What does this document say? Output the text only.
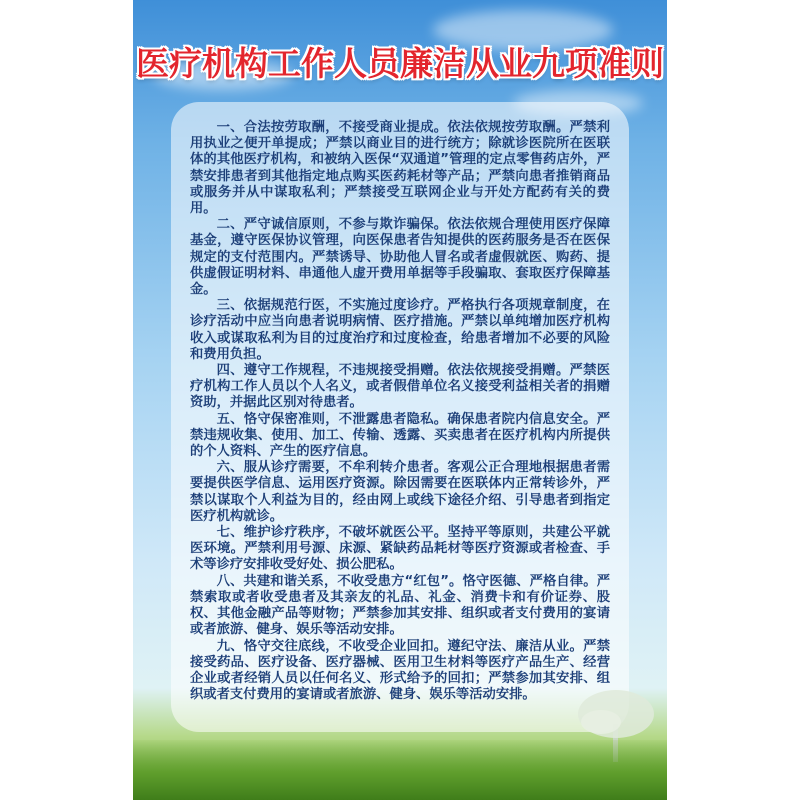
医疗机构工作人员廉洁从业九项准则

一、合法按劳取酬，不接受商业提成。依法依规按劳取酬。严禁利用执业之便开单提成；严禁以商业目的进行统方；除就诊医院所在医联体的其他医疗机构，和被纳入医保“双通道”管理的定点零售药店外，严禁安排患者到其他指定地点购买医药耗材等产品；严禁向患者推销商品或服务并从中谋取私利；严禁接受互联网企业与开处方配药有关的费用。

二、严守诚信原则，不参与欺诈骗保。依法依规合理使用医疗保障基金，遵守医保协议管理，向医保患者告知提供的医药服务是否在医保规定的支付范围内。严禁诱导、协助他人冒名或者虚假就医、购药、提供虚假证明材料、串通他人虚开费用单据等手段骗取、套取医疗保障基金。

三、依据规范行医，不实施过度诊疗。严格执行各项规章制度，在诊疗活动中应当向患者说明病情、医疗措施。严禁以单纯增加医疗机构收入或谋取私利为目的过度治疗和过度检查，给患者增加不必要的风险和费用负担。

四、遵守工作规程，不违规接受捐赠。依法依规接受捐赠。严禁医疗机构工作人员以个人名义，或者假借单位名义接受利益相关者的捐赠资助，并据此区别对待患者。

五、恪守保密准则，不泄露患者隐私。确保患者院内信息安全。严禁违规收集、使用、加工、传输、透露、买卖患者在医疗机构内所提供的个人资料、产生的医疗信息。

六、服从诊疗需要，不牟利转介患者。客观公正合理地根据患者需要提供医学信息、运用医疗资源。除因需要在医联体内正常转诊外，严禁以谋取个人利益为目的，经由网上或线下途径介绍、引导患者到指定医疗机构就诊。

七、维护诊疗秩序，不破坏就医公平。坚持平等原则，共建公平就医环境。严禁利用号源、床源、紧缺药品耗材等医疗资源或者检查、手术等诊疗安排收受好处、损公肥私。

八、共建和谐关系，不收受患方“红包”。恪守医德、严格自律。严禁索取或者收受患者及其亲友的礼品、礼金、消费卡和有价证券、股权、其他金融产品等财物；严禁参加其安排、组织或者支付费用的宴请或者旅游、健身、娱乐等活动安排。

九、恪守交往底线，不收受企业回扣。遵纪守法、廉洁从业。严禁接受药品、医疗设备、医疗器械、医用卫生材料等医疗产品生产、经营企业或者经销人员以任何名义、形式给予的回扣；严禁参加其安排、组织或者支付费用的宴请或者旅游、健身、娱乐等活动安排。
